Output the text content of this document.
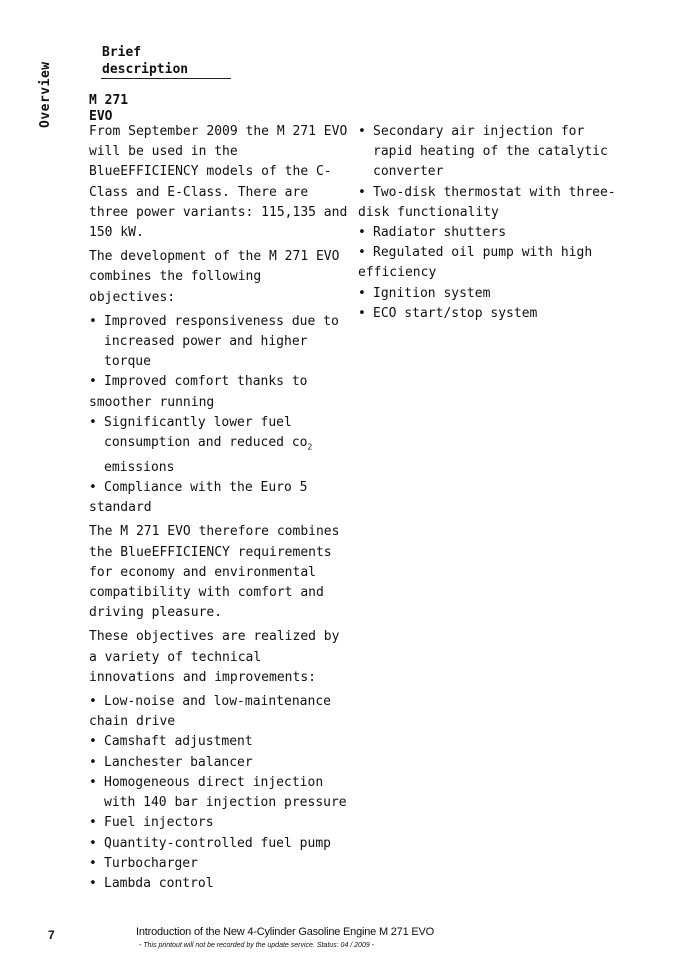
Overview
Brief
description
M 271
EVO

From September 2009 the M 271 EVO will be used in the BlueEFFICIENCY models of the C-Class and E-Class. There are three power variants: 115,135 and 150 kW.

The development of the M 271 EVO combines the following objectives:

• Improved responsiveness due to increased power and higher torque
• Improved comfort thanks to smoother running
• Significantly lower fuel consumption and reduced $co_2$ emissions
• Compliance with the Euro 5 standard

The M 271 EVO therefore combines the BlueEFFICIENCY requirements for economy and environmental compatibility with comfort and driving pleasure.

These objectives are realized by a variety of technical innovations and improvements:

• Low-noise and low-maintenance chain drive
• Camshaft adjustment
• Lanchester balancer
• Homogeneous direct injection with 140 bar injection pressure
• Fuel injectors
• Quantity-controlled fuel pump
• Turbocharger
• Lambda control
• Secondary air injection for rapid heating of the catalytic converter
• Two-disk thermostat with three-disk functionality
• Radiator shutters
• Regulated oil pump with high efficiency
• Ignition system
• ECO start/stop system
7	Introduction of the New 4-Cylinder Gasoline Engine M 271 EVO
- This printout will not be recorded by the update service. Status: 04 / 2009 -
